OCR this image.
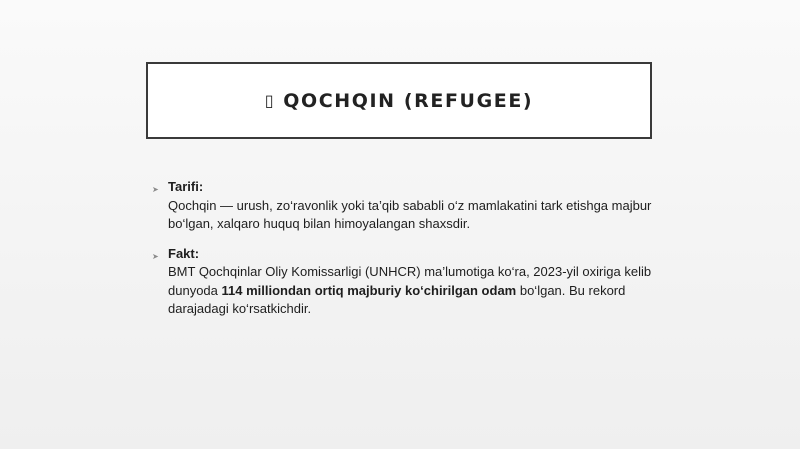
▯ QOCHQIN (REFUGEE)
➤ Tarifi:
Qochqin — urush, zo‘ravonlik yoki ta’qib sababli o‘z mamlakatini tark etishga majbur bo‘lgan, xalqaro huquq bilan himoyalangan shaxsdir.
➤ Fakt:
BMT Qochqinlar Oliy Komissarligi (UNHCR) ma’lumotiga ko‘ra, 2023-yil oxiriga kelib dunyoda 114 milliondan ortiq majburiy ko‘chirilgan odam bo‘lgan. Bu rekord darajadagi ko‘rsatkichdir.
